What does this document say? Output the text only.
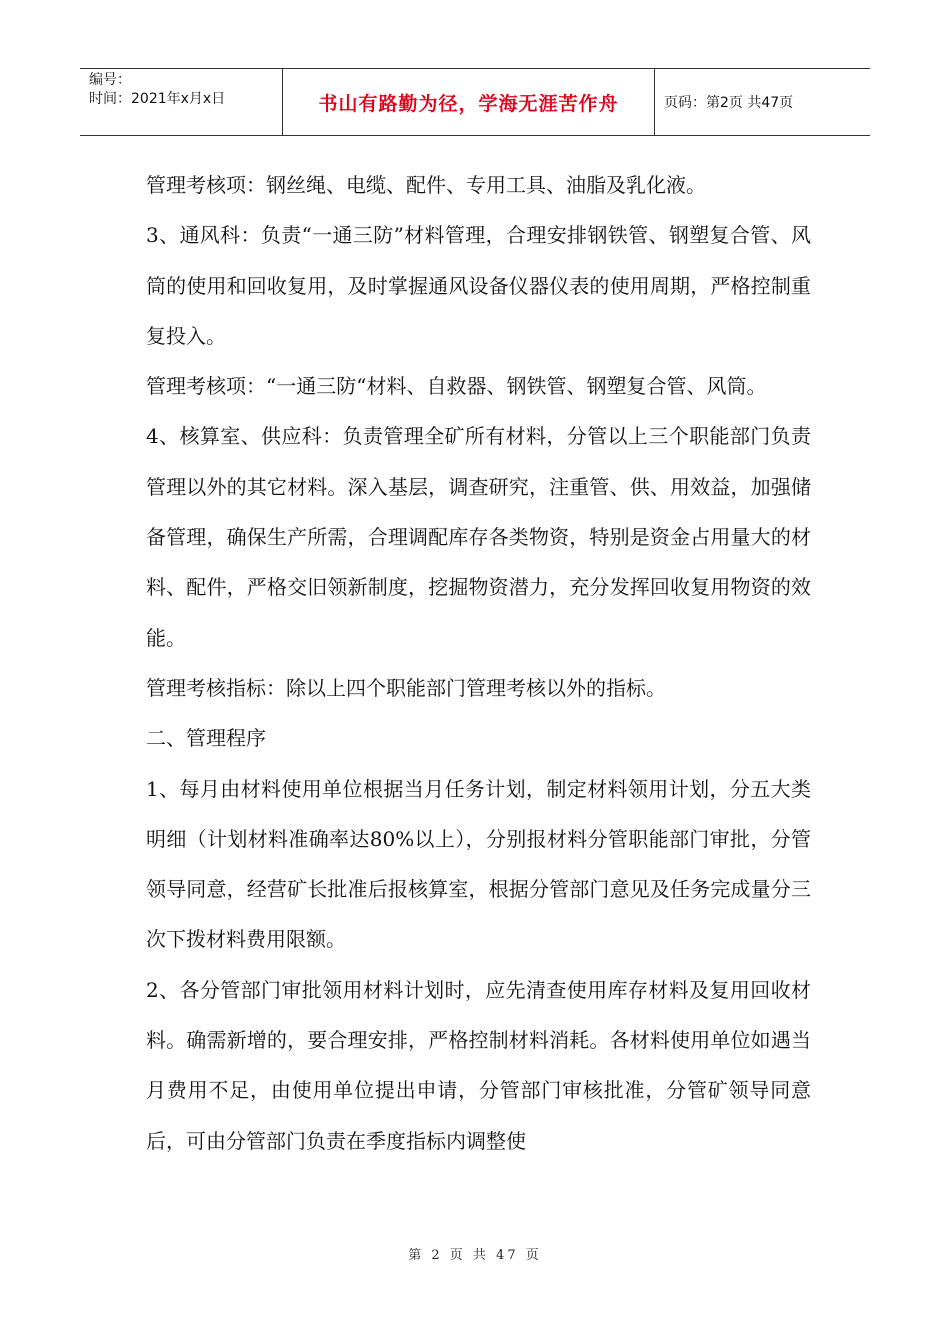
编号：
时间：2021年x月x日	书山有路勤为径，学海无涯苦作舟	页码：第2页 共47页

管理考核项：钢丝绳、电缆、配件、专用工具、油脂及乳化液。

3、通风科：负责“一通三防”材料管理，合理安排钢铁管、钢塑复合管、风筒的使用和回收复用，及时掌握通风设备仪器仪表的使用周期，严格控制重复投入。

管理考核项：“一通三防“材料、自救器、钢铁管、钢塑复合管、风筒。

4、核算室、供应科：负责管理全矿所有材料，分管以上三个职能部门负责管理以外的其它材料。深入基层，调查研究，注重管、供、用效益，加强储备管理，确保生产所需，合理调配库存各类物资，特别是资金占用量大的材料、配件，严格交旧领新制度，挖掘物资潜力，充分发挥回收复用物资的效能。

管理考核指标：除以上四个职能部门管理考核以外的指标。

二、管理程序

1、每月由材料使用单位根据当月任务计划，制定材料领用计划，分五大类明细（计划材料准确率达80%以上），分别报材料分管职能部门审批，分管领导同意，经营矿长批准后报核算室，根据分管部门意见及任务完成量分三次下拨材料费用限额。

2、各分管部门审批领用材料计划时，应先清查使用库存材料及复用回收材料。确需新增的，要合理安排，严格控制材料消耗。各材料使用单位如遇当月费用不足，由使用单位提出申请，分管部门审核批准，分管矿领导同意后，可由分管部门负责在季度指标内调整使

第 2 页 共 47 页
